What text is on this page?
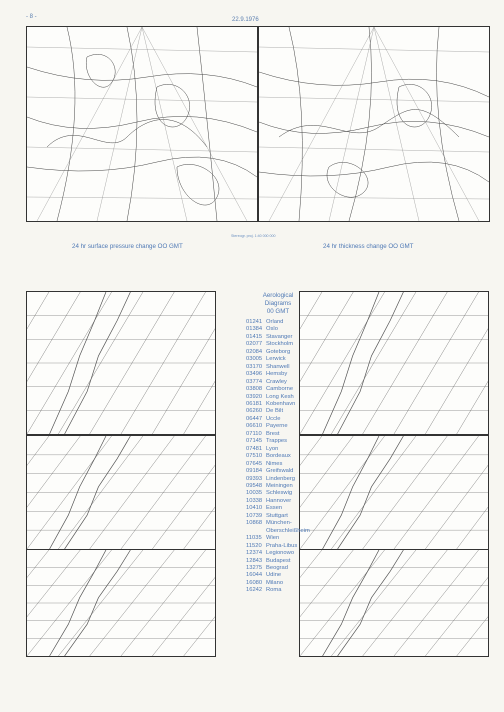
- 8 -	22.9.1976
Stereogr. proj. 1:40 000 000
24 hr surface pressure change OO GMT	24 hr thickness change OO GMT
Aerological
Diagrams
00 GMT
01241 Orland
01384 Oslo
01415 Stavanger
02077 Stockholm
02084 Goteborg
03005 Lerwick
03170 Shanwell
03496 Hemsby
03774 Crawley
03808 Camborne
03920 Long Kesh
06181 Kobenhavn
06260 De Bilt
06447 Uccle
06610 Payerne
07110 Brest
07145 Trappes
07481 Lyon
07510 Bordeaux
07645 Nimes
09184 Greifswald
09393 Lindenberg
09548 Meiningen
10035 Schleswig
10338 Hannover
10410 Essen
10739 Stuttgart
10868 München-
Oberschleißheim
11035 Wien
11520 Praha-Libus
12374 Legionowo
12843 Budapest
13275 Beograd
16044 Udine
16080 Milano
16242 Roma
